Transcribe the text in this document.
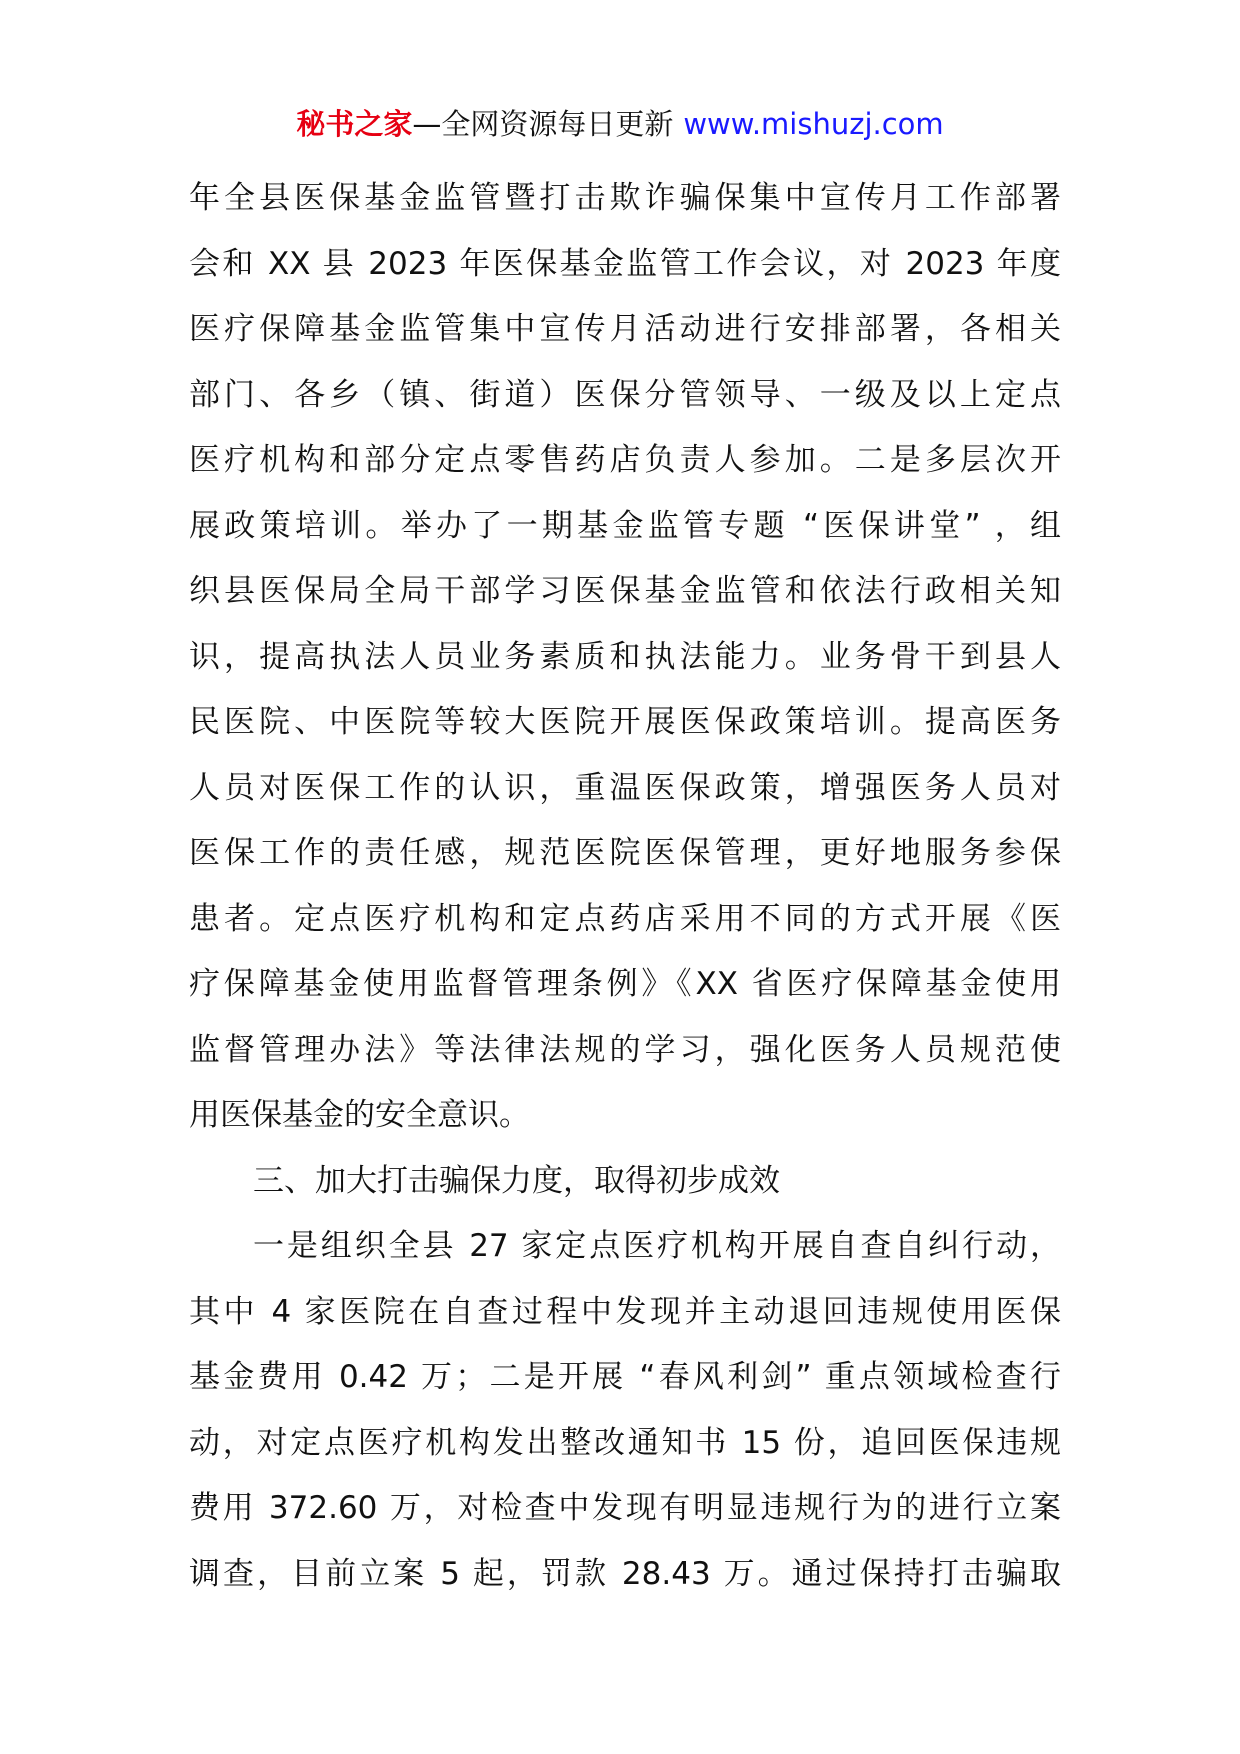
秘书之家—全网资源每日更新 www.mishuzj.com
年全县医保基金监管暨打击欺诈骗保集中宣传月工作部署
会和 XX 县 2023 年医保基金监管工作会议，对 2023 年度
医疗保障基金监管集中宣传月活动进行安排部署，各相关
部门、各乡（镇、街道）医保分管领导、一级及以上定点
医疗机构和部分定点零售药店负责人参加。二是多层次开
展政策培训。举办了一期基金监管专题 “医保讲堂” ，组
织县医保局全局干部学习医保基金监管和依法行政相关知
识，提高执法人员业务素质和执法能力。业务骨干到县人
民医院、中医院等较大医院开展医保政策培训。提高医务
人员对医保工作的认识，重温医保政策，增强医务人员对
医保工作的责任感，规范医院医保管理，更好地服务参保
患者。定点医疗机构和定点药店采用不同的方式开展《医
疗保障基金使用监督管理条例》《XX 省医疗保障基金使用
监督管理办法》等法律法规的学习，强化医务人员规范使
用医保基金的安全意识。
三、加大打击骗保力度，取得初步成效
一是组织全县 27 家定点医疗机构开展自查自纠行动，
其中 4 家医院在自查过程中发现并主动退回违规使用医保
基金费用 0.42 万；二是开展 “春风利剑” 重点领域检查行
动，对定点医疗机构发出整改通知书 15 份，追回医保违规
费用 372.60 万，对检查中发现有明显违规行为的进行立案
调查，目前立案 5 起，罚款 28.43 万。通过保持打击骗取
